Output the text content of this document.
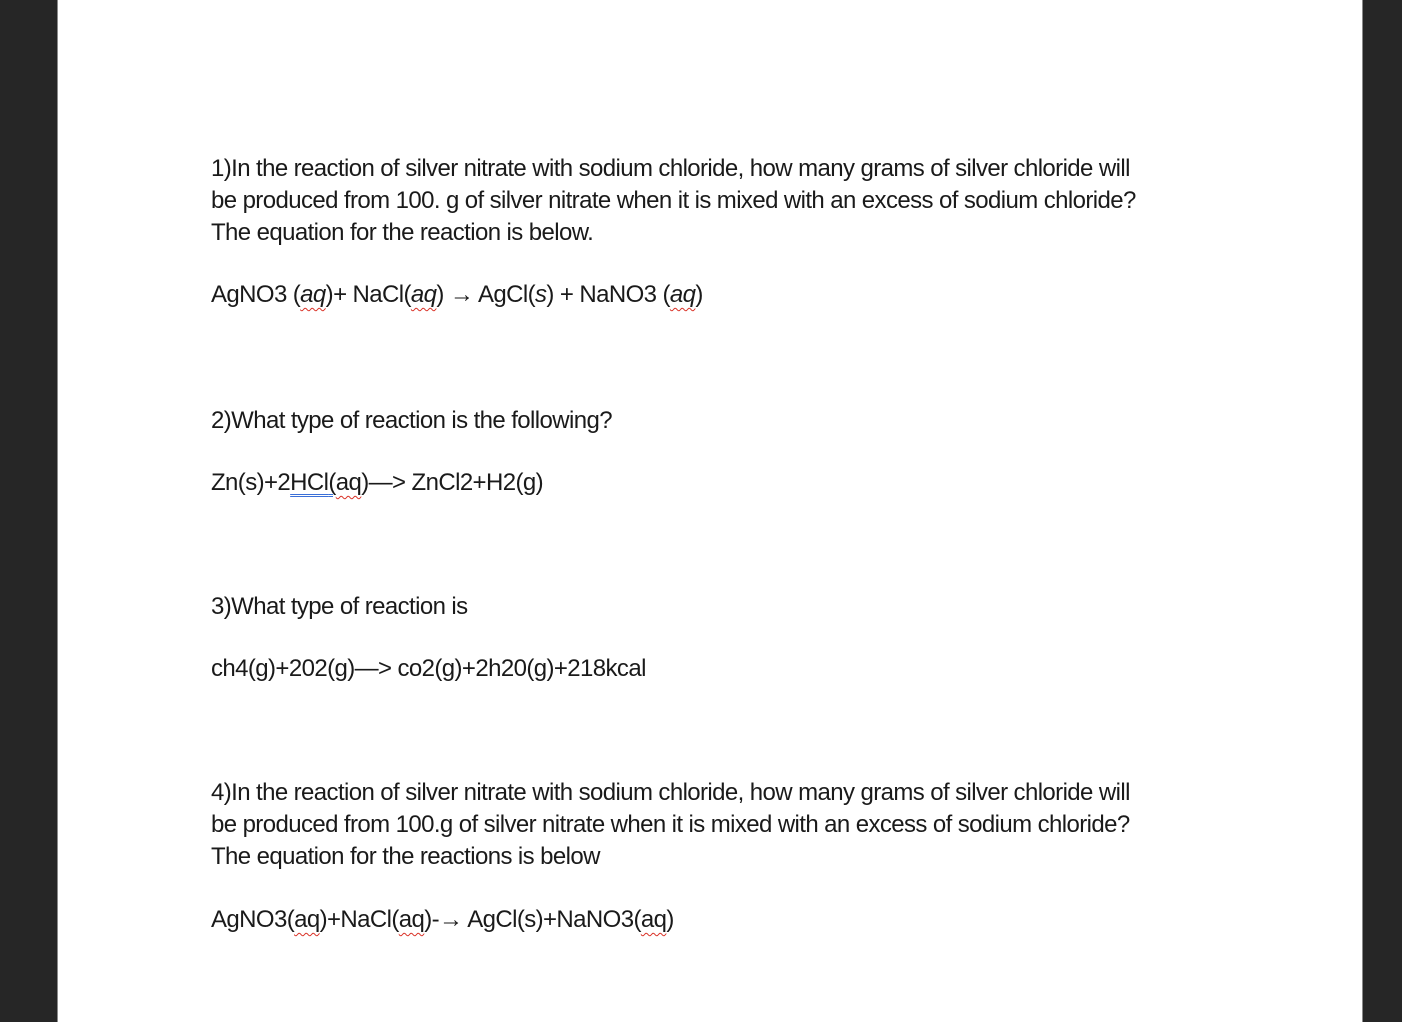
1)In the reaction of silver nitrate with sodium chloride, how many grams of silver chloride will
be produced from 100. g of silver nitrate when it is mixed with an excess of sodium chloride?
The equation for the reaction is below.
AgNO3 (aq)+ NaCl(aq) → AgCl(s) + NaNO3 (aq)
2)What type of reaction is the following?
Zn(s)+2HCl(aq)—> ZnCl2+H2(g)
3)What type of reaction is
ch4(g)+202(g)—> co2(g)+2h20(g)+218kcal
4)In the reaction of silver nitrate with sodium chloride, how many grams of silver chloride will
be produced from 100.g of silver nitrate when it is mixed with an excess of sodium chloride?
The equation for the reactions is below
AgNO3(aq)+NaCl(aq)-→ AgCl(s)+NaNO3(aq)
